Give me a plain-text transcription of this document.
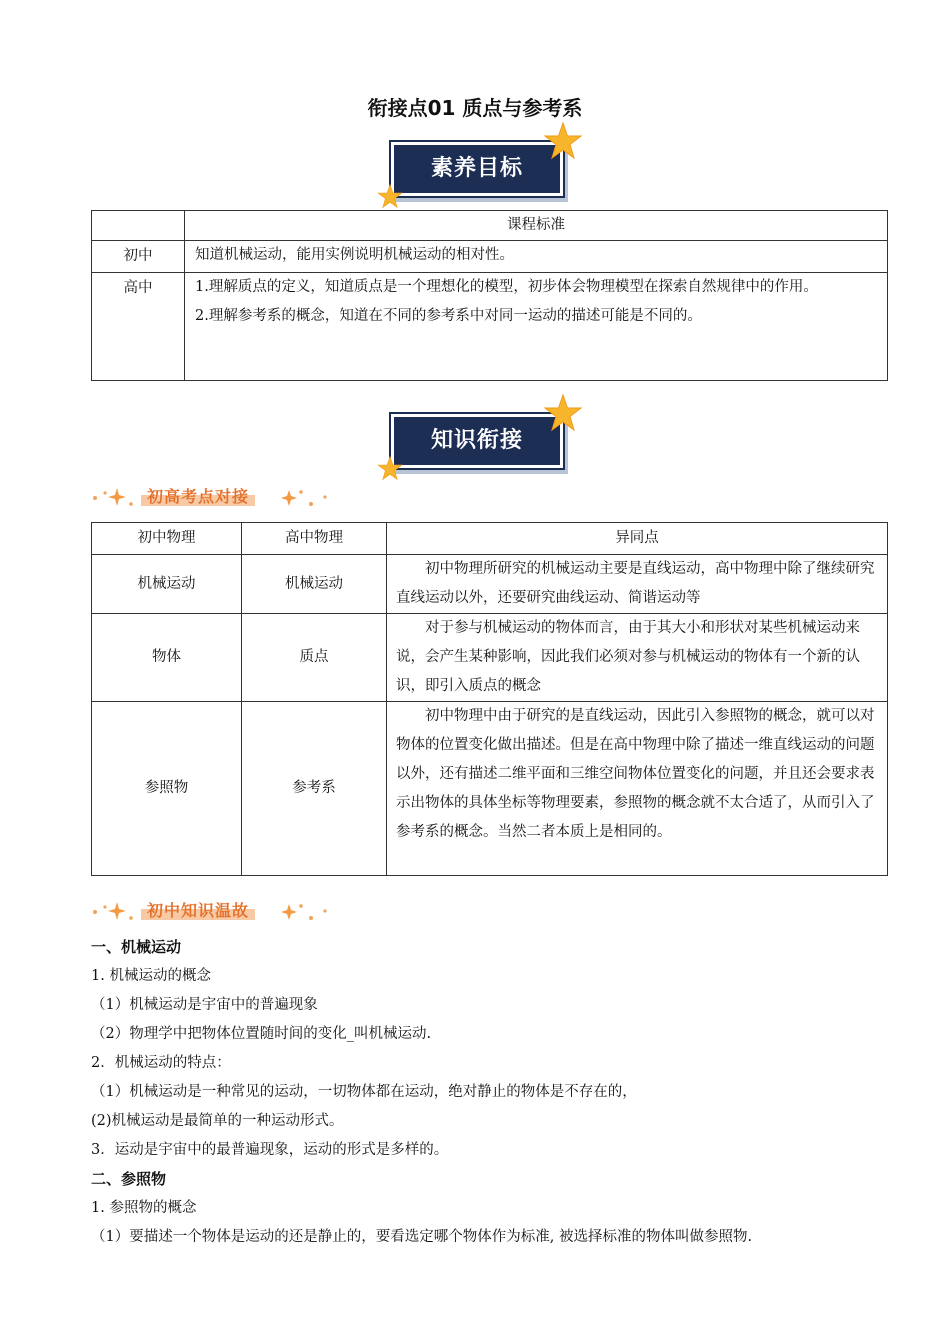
衔接点01 质点与参考系
素养目标
	课程标准
初中	知道机械运动，能用实例说明机械运动的相对性。

高中	1.理解质点的定义，知道质点是一个理想化的模型，初步体会物理模型在探索自然规律中的作用。
2.理解参考系的概念，知道在不同的参考系中对同一运动的描述可能是不同的。
知识衔接
初高考点对接
初中物理	高中物理	异同点
机械运动	机械运动	初中物理所研究的机械运动主要是直线运动，高中物理中除了继续研究直线运动以外，还要研究曲线运动、简谐运动等
物体	质点	对于参与机械运动的物体而言，由于其大小和形状对某些机械运动来说，会产生某种影响，因此我们必须对参与机械运动的物体有一个新的认识，即引入质点的概念
参照物	参考系	初中物理中由于研究的是直线运动，因此引入参照物的概念，就可以对物体的位置变化做出描述。但是在高中物理中除了描述一维直线运动的问题以外，还有描述二维平面和三维空间物体位置变化的问题，并且还会要求表示出物体的具体坐标等物理要素，参照物的概念就不太合适了，从而引入了参考系的概念。当然二者本质上是相同的。
初中知识温故
一、机械运动
1. 机械运动的概念
（1）机械运动是宇宙中的普遍现象
（2）物理学中把物体位置随时间的变化_叫机械运动.
2．机械运动的特点：
（1）机械运动是一种常见的运动，一切物体都在运动，绝对静止的物体是不存在的，
(2)机械运动是最简单的一种运动形式。
3．运动是宇宙中的最普遍现象，运动的形式是多样的。
二、参照物
1. 参照物的概念
（1）要描述一个物体是运动的还是静止的，要看选定哪个物体作为标准, 被选择标准的物体叫做参照物.
